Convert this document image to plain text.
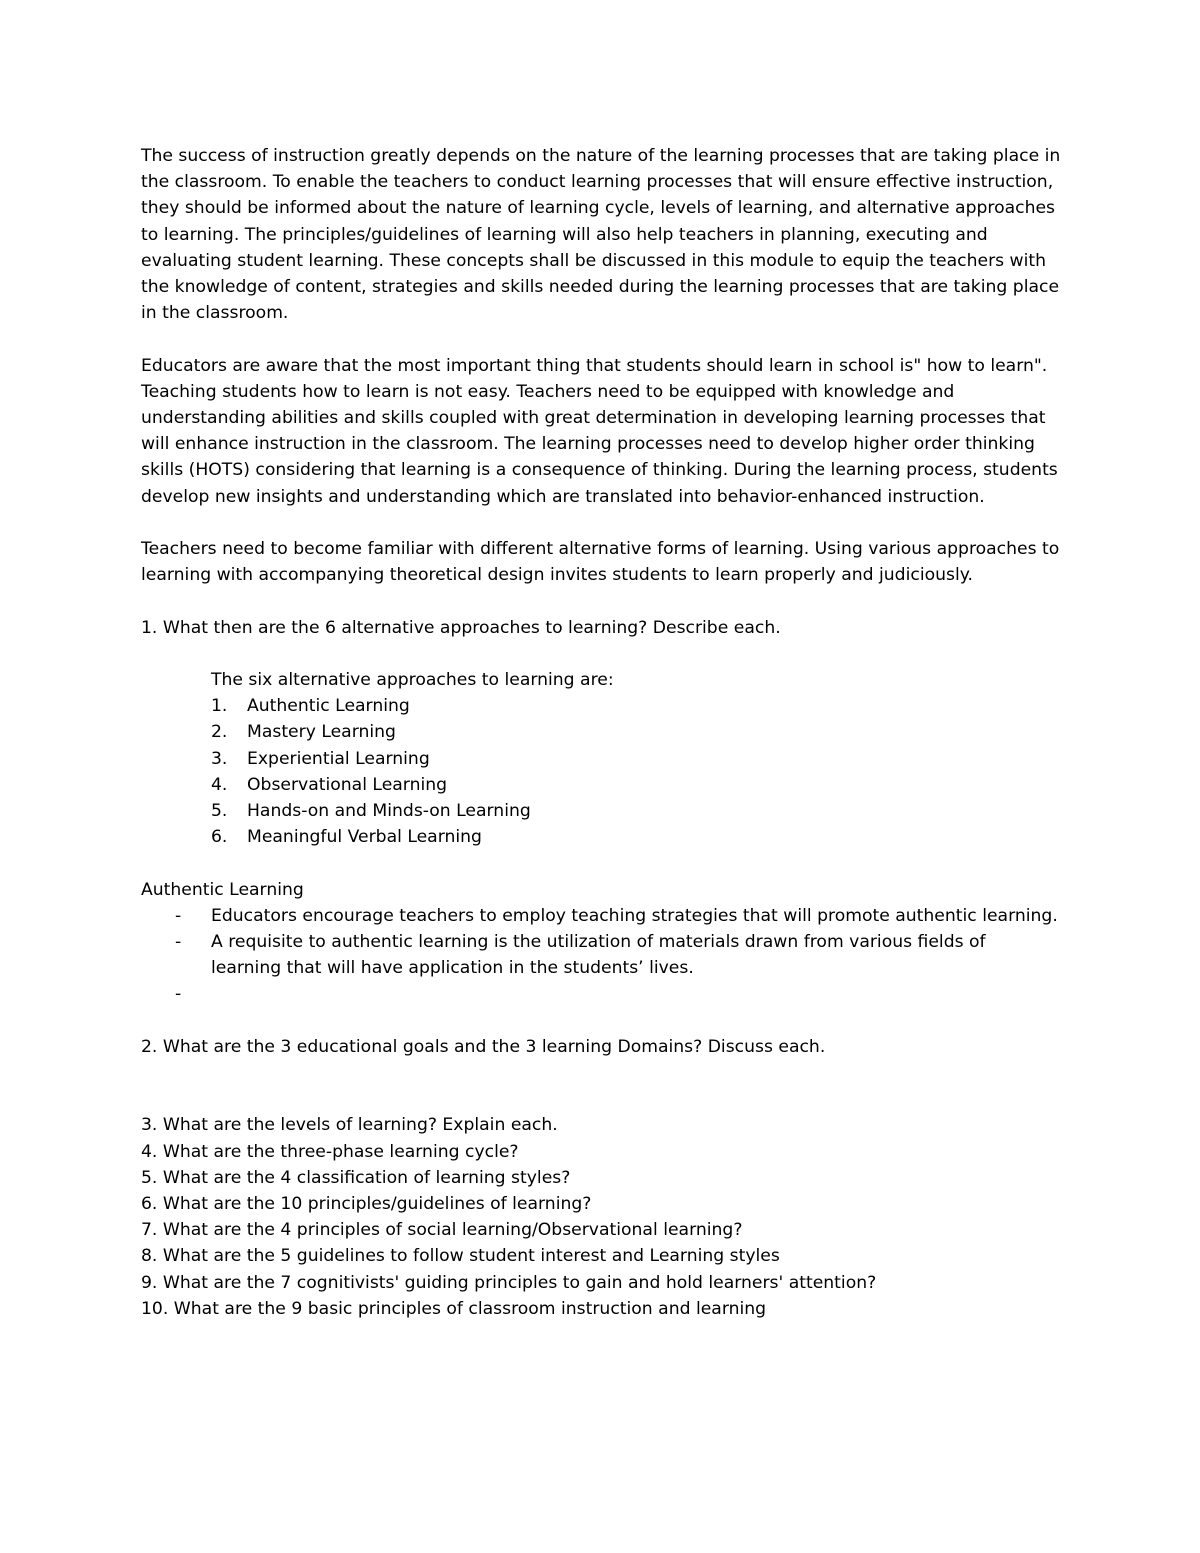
The success of instruction greatly depends on the nature of the learning processes that are taking place in the classroom. To enable the teachers to conduct learning processes that will ensure effective instruction, they should be informed about the nature of learning cycle, levels of learning, and alternative approaches to learning. The principles/guidelines of learning will also help teachers in planning, executing and evaluating student learning. These concepts shall be discussed in this module to equip the teachers with the knowledge of content, strategies and skills needed during the learning processes that are taking place in the classroom.

Educators are aware that the most important thing that students should learn in school is" how to learn". Teaching students how to learn is not easy. Teachers need to be equipped with knowledge and understanding abilities and skills coupled with great determination in developing learning processes that will enhance instruction in the classroom. The learning processes need to develop higher order thinking skills (HOTS) considering that learning is a consequence of thinking. During the learning process, students develop new insights and understanding which are translated into behavior-enhanced instruction.

Teachers need to become familiar with different alternative forms of learning. Using various approaches to learning with accompanying theoretical design invites students to learn properly and judiciously.

1. What then are the 6 alternative approaches to learning? Describe each.

The six alternative approaches to learning are:

1.	Authentic Learning
2.	Mastery Learning
3.	Experiential Learning
4.	Observational Learning
5.	Hands-on and Minds-on Learning
6.	Meaningful Verbal Learning

Authentic Learning

- Educators encourage teachers to employ teaching strategies that will promote authentic learning.
- A requisite to authentic learning is the utilization of materials drawn from various fields of learning that will have application in the students’ lives.
-

2. What are the 3 educational goals and the 3 learning Domains? Discuss each.

3. What are the levels of learning? Explain each.

4. What are the three-phase learning cycle?

5. What are the 4 classification of learning styles?

6. What are the 10 principles/guidelines of learning?

7. What are the 4 principles of social learning/Observational learning?

8. What are the 5 guidelines to follow student interest and Learning styles

9. What are the 7 cognitivists' guiding principles to gain and hold learners' attention?

10. What are the 9 basic principles of classroom instruction and learning
